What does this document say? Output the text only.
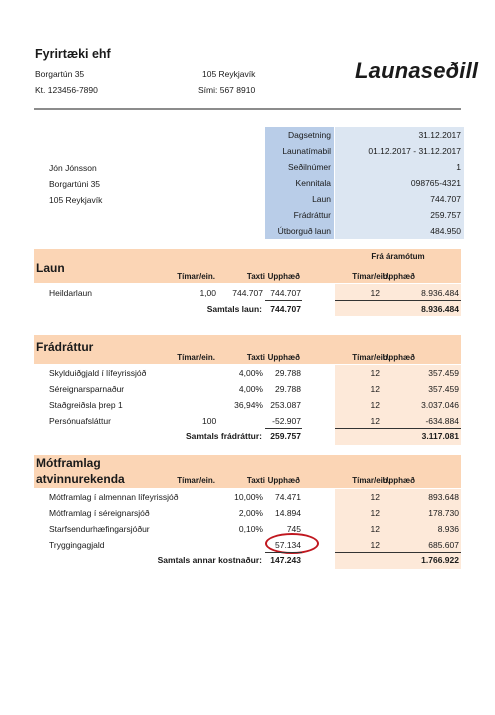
Fyrirtæki ehf
Borgartún 35	105 Reykjavík
Kt. 123456-7890	Sími: 567 8910
Launaseðill
Jón Jónsson
Borgartúni 35
105 Reykjavík
Dagsetning	31.12.2017
Launatímabil	01.12.2017 - 31.12.2017
Seðilnúmer	1
Kennitala	098765-4321
Laun	744.707
Frádráttur	259.757
Útborguð laun	484.950
Frá áramótum
Laun
Tímar/ein.	Taxti Upphæð	Tímar/ein.
Upphæð
Heildarlaun	1,00	744.707 744.707	12	8.936.484
Samtals laun: 744.707	8.936.484
Frádráttur
Tímar/ein.	Taxti Upphæð	Tímar/ein.
Upphæð
Skylduiðgjald í lífeyrissjóð	4,00%	29.788	12	357.459
Séreignarsparnaður	4,00%	29.788	12	357.459
Staðgreiðsla þrep 1	36,94% 253.087	12	3.037.046
Persónuafsláttur	100	-52.907	12	-634.884
Samtals frádráttur: 259.757	3.117.081
Mótframlag
atvinnurekenda	Tímar/ein.	Taxti Upphæð	Tímar/ein.
Upphæð
Mótframlag í almennan lífeyrissjóð	10,00%	74.471	12	893.648
Mótframlag í séreignarsjóð	2,00%	14.894	12	178.730
Starfsendurhæfingarsjóður	0,10%	745	12	8.936
Tryggingagjald	57.134	12	685.607
Samtals annar kostnaður: 147.243	1.766.922
